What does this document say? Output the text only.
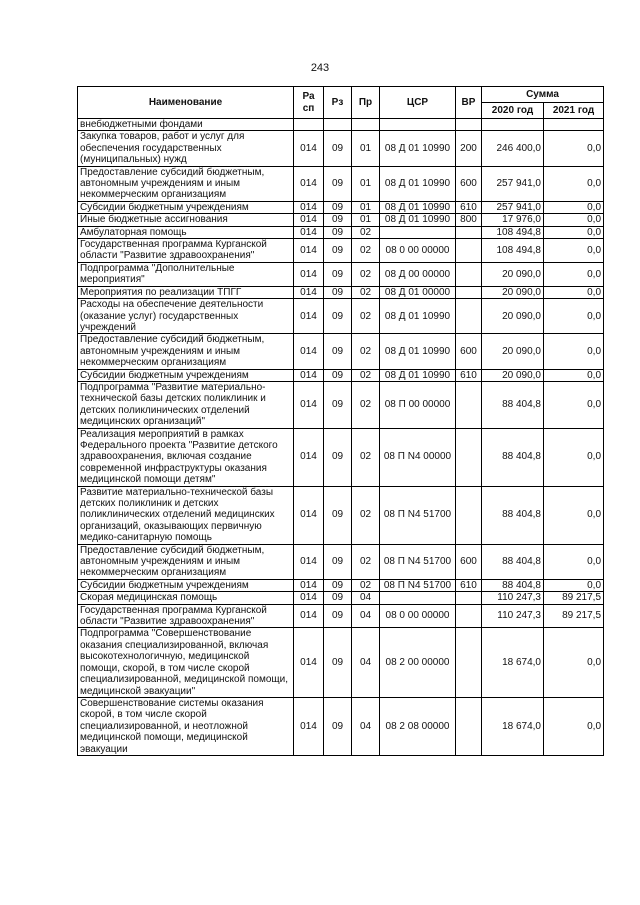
243
Наименование	Ра сп	Рз	Пр	ЦСР	ВР	Сумма	
						2020 год	2021 год
внебюджетными фондами							
Закупка товаров, работ и услуг для обеспечения государственных (муниципальных) нужд	014	09	01	08 Д 01 10990	200	246 400,0	0,0
Предоставление субсидий бюджетным, автономным учреждениям и иным некоммерческим организациям	014	09	01	08 Д 01 10990	600	257 941,0	0,0
Субсидии бюджетным учреждениям	014	09	01	08 Д 01 10990	610	257 941,0	0,0
Иные бюджетные ассигнования	014	09	01	08 Д 01 10990	800	17 976,0	0,0
Амбулаторная помощь	014	09	02			108 494,8	0,0
Государственная программа Курганской области "Развитие здравоохранения"	014	09	02	08 0 00 00000		108 494,8	0,0
Подпрограмма "Дополнительные мероприятия"	014	09	02	08 Д 00 00000		20 090,0	0,0
Мероприятия по реализации ТПГГ	014	09	02	08 Д 01 00000		20 090,0	0,0
Расходы на обеспечение деятельности (оказание услуг) государственных учреждений	014	09	02	08 Д 01 10990		20 090,0	0,0
Предоставление субсидий бюджетным, автономным учреждениям и иным некоммерческим организациям	014	09	02	08 Д 01 10990	600	20 090,0	0,0
Субсидии бюджетным учреждениям	014	09	02	08 Д 01 10990	610	20 090,0	0,0
Подпрограмма "Развитие материально-технической базы детских поликлиник и детских поликлинических отделений медицинских организаций"	014	09	02	08 П 00 00000		88 404,8	0,0
Реализация мероприятий в рамках Федерального проекта "Развитие детского здравоохранения, включая создание современной инфраструктуры оказания медицинской помощи детям"	014	09	02	08 П N4 00000		88 404,8	0,0
Развитие материально-технической базы детских поликлиник и детских поликлинических отделений медицинских организаций, оказывающих первичную медико-санитарную помощь	014	09	02	08 П N4 51700		88 404,8	0,0
Предоставление субсидий бюджетным, автономным учреждениям и иным некоммерческим организациям	014	09	02	08 П N4 51700	600	88 404,8	0,0
Субсидии бюджетным учреждениям	014	09	02	08 П N4 51700	610	88 404,8	0,0
Скорая медицинская помощь	014	09	04			110 247,3	89 217,5
Государственная программа Курганской области "Развитие здравоохранения"	014	09	04	08 0 00 00000		110 247,3	89 217,5
Подпрограмма "Совершенствование оказания специализированной, включая высокотехнологичную, медицинской помощи, скорой, в том числе скорой специализированной, медицинской помощи, медицинской эвакуации"	014	09	04	08 2 00 00000		18 674,0	0,0
Совершенствование системы оказания скорой, в том числе скорой специализированной, и неотложной медицинской помощи, медицинской эвакуации	014	09	04	08 2 08 00000		18 674,0	0,0
